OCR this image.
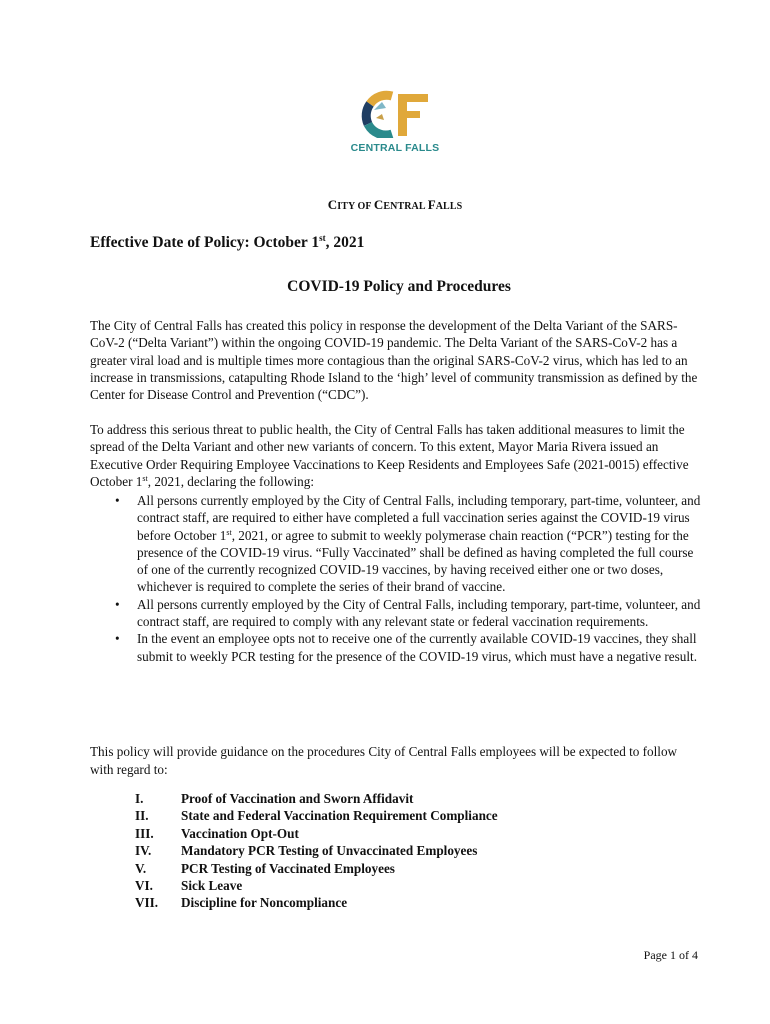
CENTRAL FALLS
CITY OF CENTRAL FALLS
Effective Date of Policy: October 1st, 2021
COVID-19 Policy and Procedures

The City of Central Falls has created this policy in response the development of the Delta Variant of the SARS-CoV-2 (“Delta Variant”) within the ongoing COVID-19 pandemic. The Delta Variant of the SARS-CoV-2 has a greater viral load and is multiple times more contagious than the original SARS-CoV-2 virus, which has led to an increase in transmissions, catapulting Rhode Island to the ‘high’ level of community transmission as defined by the Center for Disease Control and Prevention (“CDC”).

To address this serious threat to public health, the City of Central Falls has taken additional measures to limit the spread of the Delta Variant and other new variants of concern. To this extent, Mayor Maria Rivera issued an Executive Order Requiring Employee Vaccinations to Keep Residents and Employees Safe (2021-0015) effective October 1st, 2021, declaring the following:

• All persons currently employed by the City of Central Falls, including temporary, part-time, volunteer, and contract staff, are required to either have completed a full vaccination series against the COVID-19 virus before October 1st, 2021, or agree to submit to weekly polymerase chain reaction (“PCR”) testing for the presence of the COVID-19 virus. “Fully Vaccinated” shall be defined as having completed the full course of one of the currently recognized COVID-19 vaccines, by having received either one or two doses, whichever is required to complete the series of their brand of vaccine.
• All persons currently employed by the City of Central Falls, including temporary, part-time, volunteer, and contract staff, are required to comply with any relevant state or federal vaccination requirements.
• In the event an employee opts not to receive one of the currently available COVID-19 vaccines, they shall submit to weekly PCR testing for the presence of the COVID-19 virus, which must have a negative result.

This policy will provide guidance on the procedures City of Central Falls employees will be expected to follow with regard to:

I.	Proof of Vaccination and Sworn Affidavit
II. State and Federal Vaccination Requirement Compliance
III. Vaccination Opt-Out
IV. Mandatory PCR Testing of Unvaccinated Employees
V.	PCR Testing of Vaccinated Employees
VI. Sick Leave
VII. Discipline for Noncompliance
Page 1 of 4
